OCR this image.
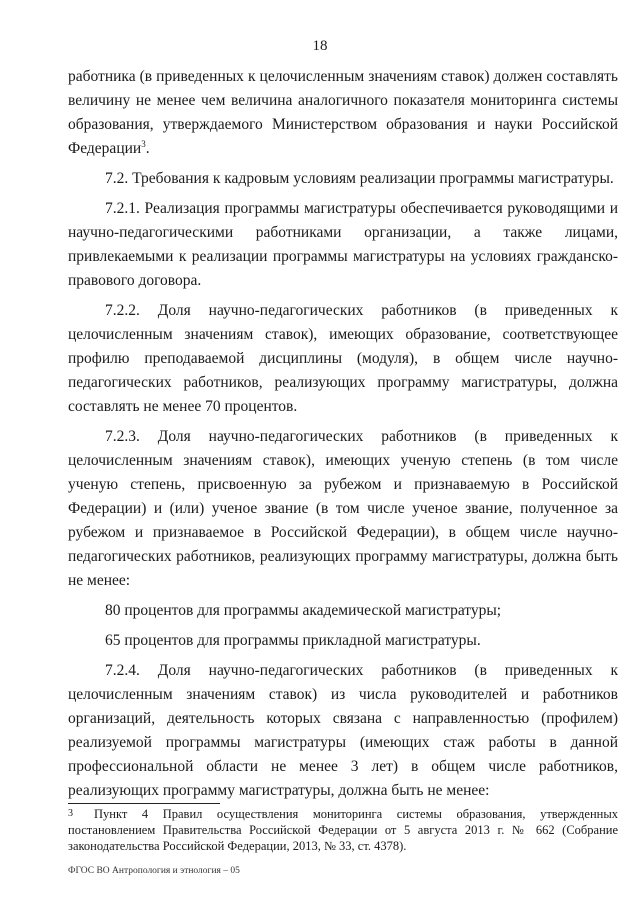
18

работника (в приведенных к целочисленным значениям ставок) должен составлять величину не менее чем величина аналогичного показателя мониторинга системы образования, утверждаемого Министерством образования и науки Российской Федерации$^3$.

7.2. Требования к кадровым условиям реализации программы магистратуры.

7.2.1. Реализация программы магистратуры обеспечивается руководящими и научно-педагогическими работниками организации, а также лицами, привлекаемыми к реализации программы магистратуры на условиях гражданско-правового договора.

7.2.2. Доля научно-педагогических работников (в приведенных к целочисленным значениям ставок), имеющих образование, соответствующее профилю преподаваемой дисциплины (модуля), в общем числе научно-педагогических работников, реализующих программу магистратуры, должна составлять не менее 70 процентов.

7.2.3. Доля научно-педагогических работников (в приведенных к целочисленным значениям ставок), имеющих ученую степень (в том числе ученую степень, присвоенную за рубежом и признаваемую в Российской Федерации) и (или) ученое звание (в том числе ученое звание, полученное за рубежом и признаваемое в Российской Федерации), в общем числе научно-педагогических работников, реализующих программу магистратуры, должна быть не менее:

80 процентов для программы академической магистратуры;

65 процентов для программы прикладной магистратуры.

7.2.4. Доля научно-педагогических работников (в приведенных к целочисленным значениям ставок) из числа руководителей и работников организаций, деятельность которых связана с направленностью (профилем) реализуемой программы магистратуры (имеющих стаж работы в данной профессиональной области не менее 3 лет) в общем числе работников, реализующих программу магистратуры, должна быть не менее:

3 Пункт 4 Правил осуществления мониторинга системы образования, утвержденных постановлением Правительства Российской Федерации от 5 августа 2013 г. № 662 (Собрание законодательства Российской Федерации, 2013, № 33, ст. 4378).
ФГОС ВО Антропология и этнология – 05
